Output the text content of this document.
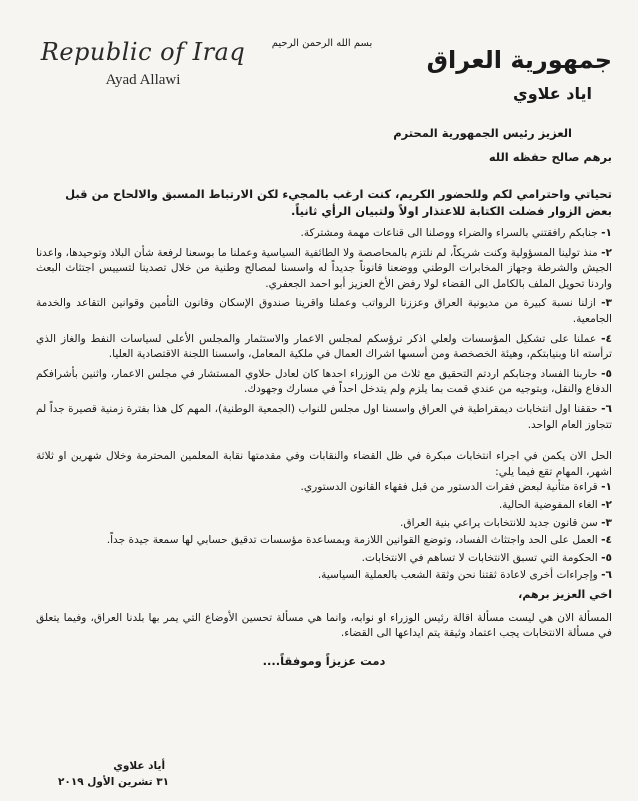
Republic of Iraq
Ayad Allawi
بسم الله الرحمن الرحيم
جمهورية العراق
اياد علاوي
العزيز رئيس الجمهورية المحترم
برهم صالح حفظه الله
تحياتي واحترامي لكم وللحضور الكريم، كنت ارغب بالمجيء لكن الارتباط المسبق والالحاح من قبل بعض الزوار فضلت الكتابة للاعتذار اولاً ولتبيان الرأي ثانياً.
١- جنابكم رافقتني بالسراء والضراء ووصلنا الى قناعات مهمة ومشتركة.
٢- منذ تولينا المسؤولية وكنت شريكاً، لم نلتزم بالمحاصصة ولا الطائفية السياسية وعملنا ما بوسعنا لرفعة شأن البلاد وتوحيدها، واعدنا الجيش والشرطة وجهاز المخابرات الوطني ووضعنا قانوناً جديداً له واسسنا لمصالح وطنية من خلال تصدينا لتسييس اجتثاث البعث واردنا تحويل الملف بالكامل الى القضاء لولا رفض الأخ العزيز أبو احمد الجعفري.
٣- ازلنا نسبة كبيرة من مديونية العراق وعززنا الرواتب وعملنا واقرينا صندوق الإسكان وقانون التأمين وقوانين التقاعد والخدمة الجامعية.
٤- عملنا على تشكيل المؤسسات ولعلي اذكر ترؤسكم لمجلس الاعمار والاستثمار والمجلس الأعلى لسياسات النفط والغاز الذي ترأسته انا وبنيابتكم، وهيئة الخصخصة ومن أسسها اشراك العمال في ملكية المعامل، واسسنا اللجنة الاقتصادية العليا.
٥- حاربنا الفساد وجنابكم اردتم التحقيق مع ثلاث من الوزراء احدها كان لعادل حلاوي المستشار في مجلس الاعمار، واثنين بأشرافكم الدفاع والنقل، وبتوجيه من عندي قمت بما يلزم ولم يتدخل احداً في مسارك وجهودك.
٦- حققنا اول انتخابات ديمقراطية في العراق واسسنا اول مجلس للنواب (الجمعية الوطنية)، المهم كل هذا بفترة زمنية قصيرة جداً لم تتجاوز العام الواحد.
الحل الان يكمن في اجراء انتخابات مبكرة في ظل القضاء والنقابات وفي مقدمتها نقابة المعلمين المحترمة وخلال شهرين او ثلاثة اشهر، المهام تقع فيما يلي:
١- قراءة متأنية لبعض فقرات الدستور من قبل فقهاء القانون الدستوري.
٢- الغاء المفوضية الحالية.
٣- سن قانون جديد للانتخابات يراعي بنية العراق.
٤- العمل على الحد واجتثاث الفساد، وتوضع القوانين اللازمة وبمساعدة مؤسسات تدقيق حسابي لها سمعة جيدة جداً.
٥- الحكومة التي تسبق الانتخابات لا تساهم في الانتخابات.
٦- وإجراءات أخرى لاعادة ثقتنا نحن وثقة الشعب بالعملية السياسية.
اخي العزيز برهم،
المسألة الان هي ليست مسألة اقالة رئيس الوزراء او نوابه، وانما هي مسألة تحسين الأوضاع التي يمر بها بلدنا العراق، وفيما يتعلق في مسألة الانتخابات يجب اعتماد وثيقة يتم ايداعها الى القضاء.
دمت عزيزاً وموفقاً....
أياد علاوي
٣١ تشرين الأول ٢٠١٩
